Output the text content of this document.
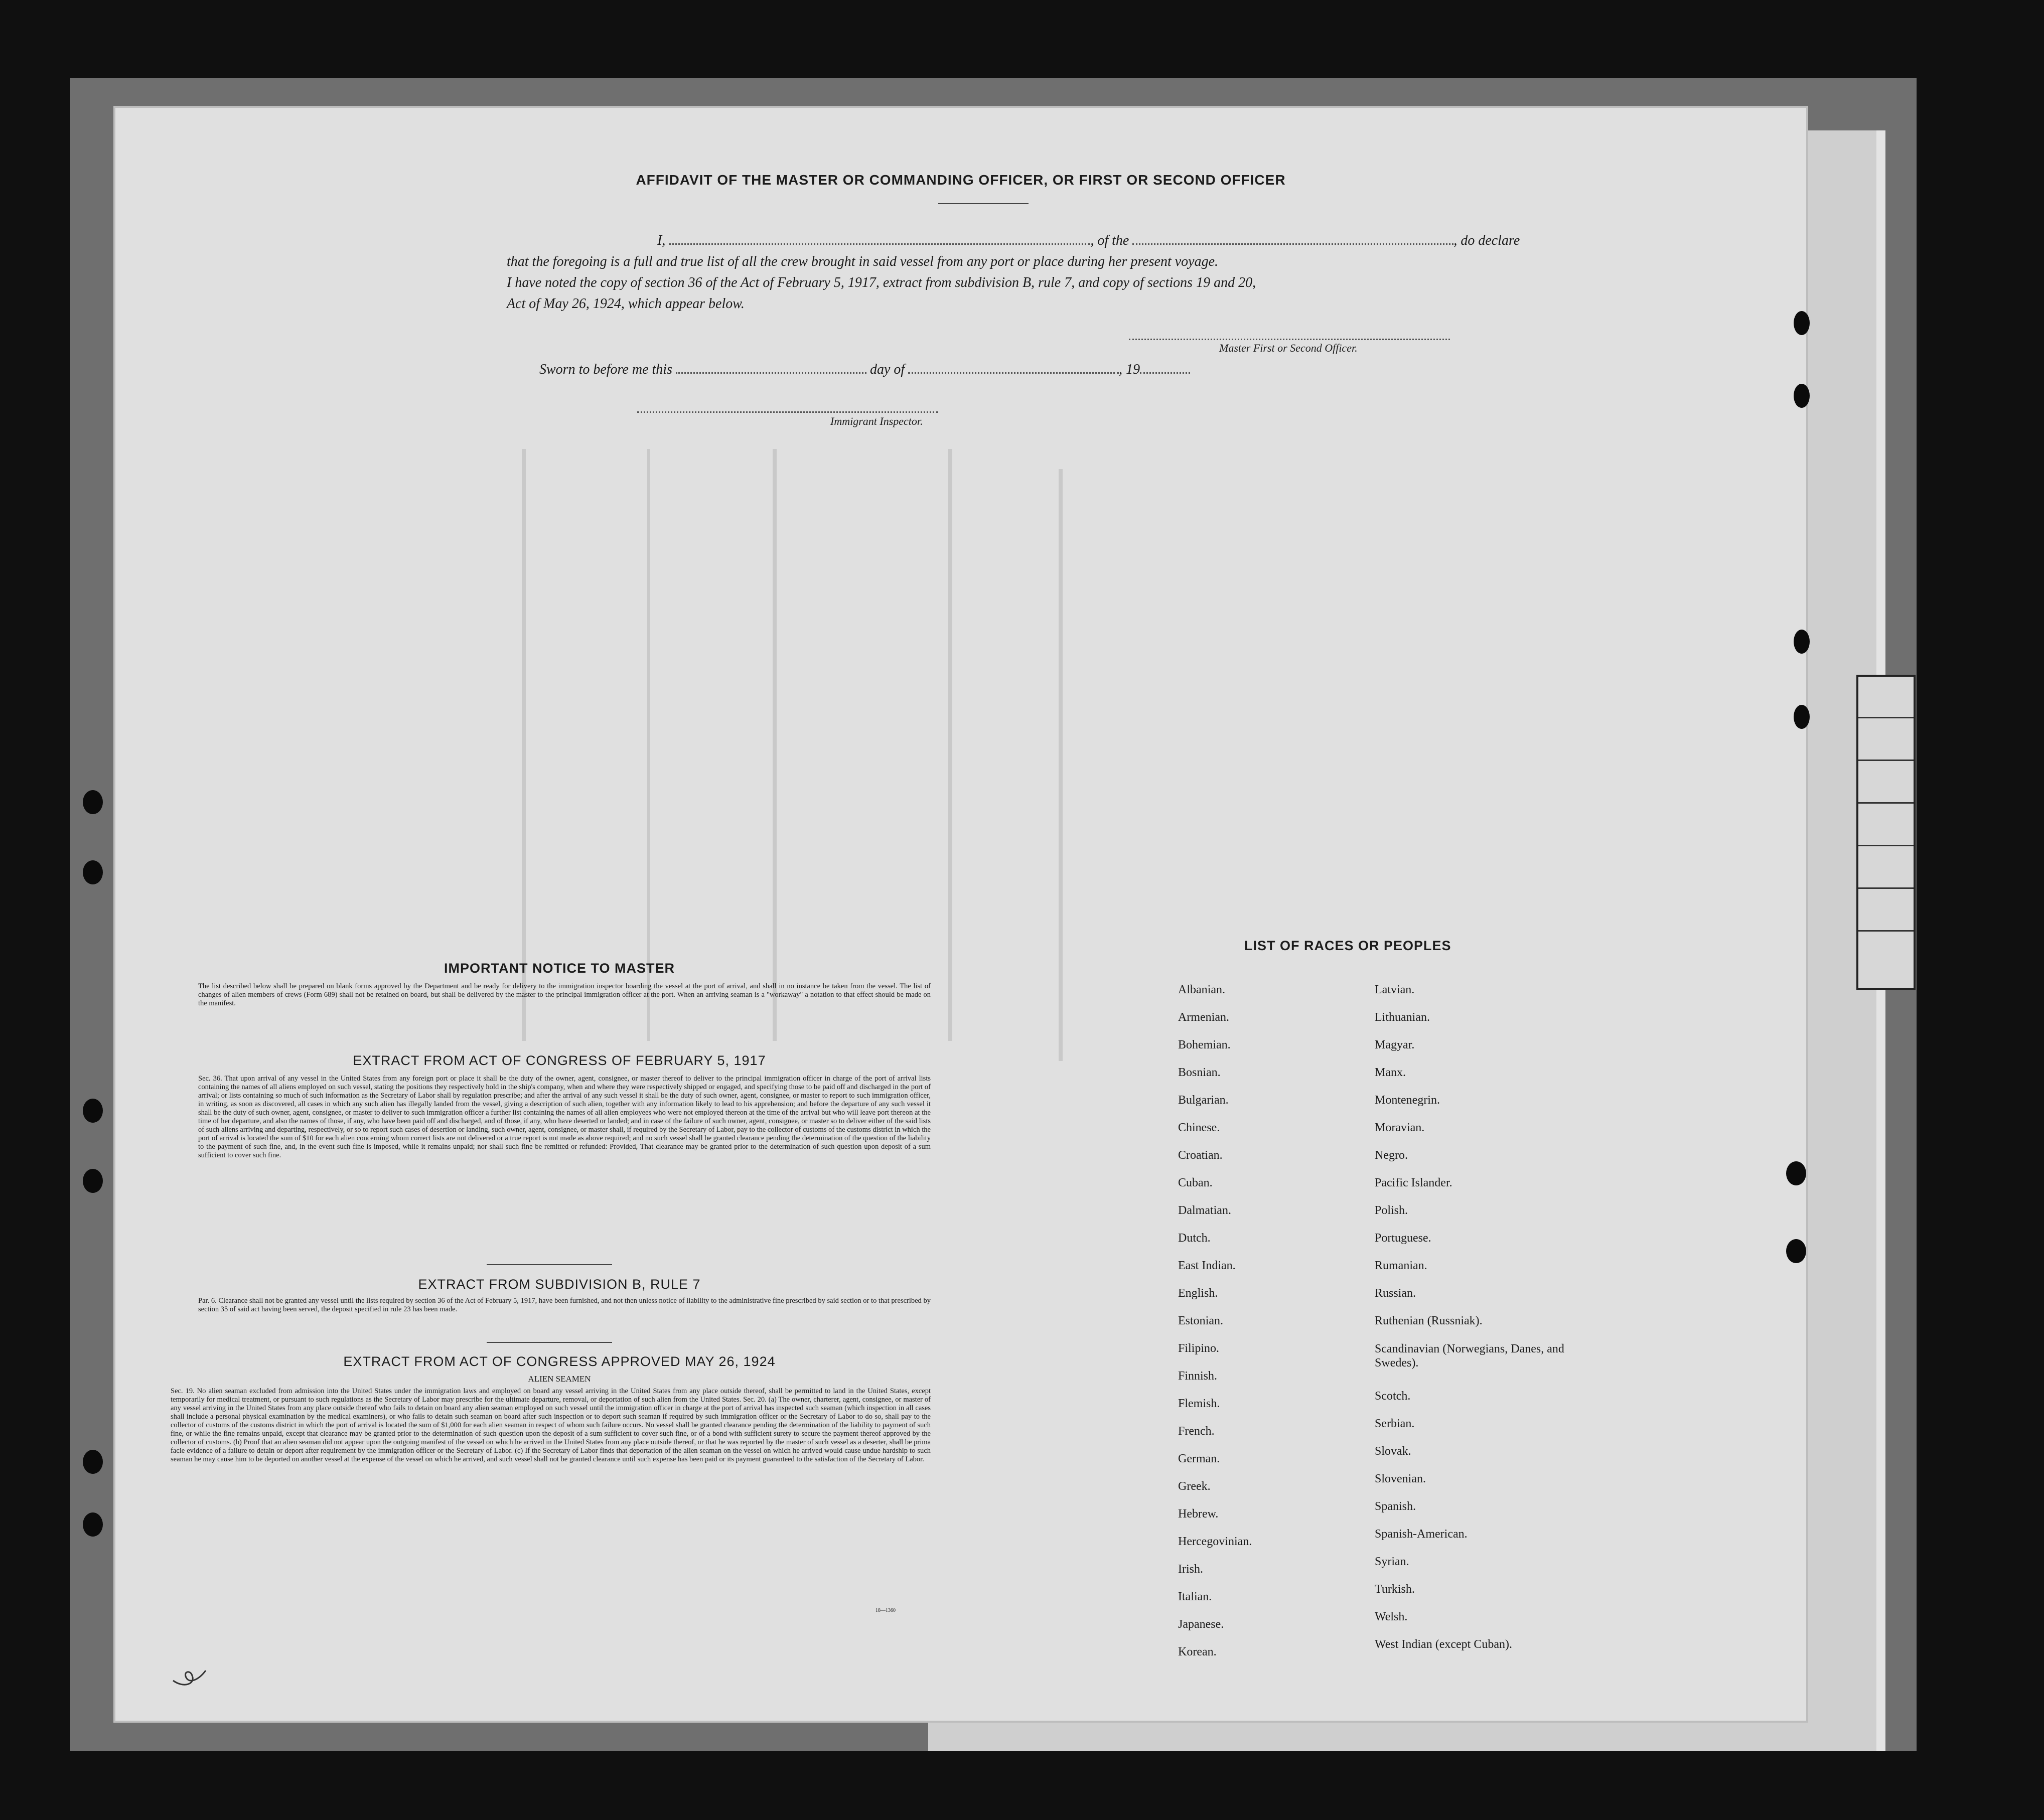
AFFIDAVIT OF THE MASTER OR COMMANDING OFFICER, OR FIRST OR SECOND OFFICER
I,	, of the	, do declare
that the foregoing is a full and true list of all the crew brought in said vessel from any port or place during her present voyage.
I have noted the copy of section 36 of the Act of February 5, 1917, extract from subdivision B, rule 7, and copy of sections 19 and 20,
Act of May 26, 1924, which appear below.
Master First or Second Officer.
Sworn to before me this	day of	, 19
Immigrant Inspector.
IMPORTANT NOTICE TO MASTER
The list described below shall be prepared on blank forms approved by the Department and be ready for delivery to the immigration inspector boarding the vessel at the port of arrival, and shall in no instance be taken from the vessel. The list of changes of alien members of crews (Form 689) shall not be retained on board, but shall be delivered by the master to the principal immigration officer at the port. When an arriving seaman is a "workaway" a notation to that effect should be made on the manifest.
EXTRACT FROM ACT OF CONGRESS OF FEBRUARY 5, 1917
Sec. 36. That upon arrival of any vessel in the United States from any foreign port or place it shall be the duty of the owner, agent, consignee, or master thereof to deliver to the principal immigration officer in charge of the port of arrival lists containing the names of all aliens employed on such vessel, stating the positions they respectively hold in the ship's company, when and where they were respectively shipped or engaged, and specifying those to be paid off and discharged in the port of arrival; or lists containing so much of such information as the Secretary of Labor shall by regulation prescribe; and after the arrival of any such vessel it shall be the duty of such owner, agent, consignee, or master to report to such immigration officer, in writing, as soon as discovered, all cases in which any such alien has illegally landed from the vessel, giving a description of such alien, together with any information likely to lead to his apprehension; and before the departure of any such vessel it shall be the duty of such owner, agent, consignee, or master to deliver to such immigration officer a further list containing the names of all alien employees who were not employed thereon at the time of the arrival but who will leave port thereon at the time of her departure, and also the names of those, if any, who have been paid off and discharged, and of those, if any, who have deserted or landed; and in case of the failure of such owner, agent, consignee, or master so to deliver either of the said lists of such aliens arriving and departing, respectively, or so to report such cases of desertion or landing, such owner, agent, consignee, or master shall, if required by the Secretary of Labor, pay to the collector of customs of the customs district in which the port of arrival is located the sum of $10 for each alien concerning whom correct lists are not delivered or a true report is not made as above required; and no such vessel shall be granted clearance pending the determination of the question of the liability to the payment of such fine, and, in the event such fine is imposed, while it remains unpaid; nor shall such fine be remitted or refunded: Provided, That clearance may be granted prior to the determination of such question upon deposit of a sum sufficient to cover such fine.
EXTRACT FROM SUBDIVISION B, RULE 7
Par. 6. Clearance shall not be granted any vessel until the lists required by section 36 of the Act of February 5, 1917, have been furnished, and not then unless notice of liability to the administrative fine prescribed by said section or to that prescribed by section 35 of said act having been served, the deposit specified in rule 23 has been made.
EXTRACT FROM ACT OF CONGRESS APPROVED MAY 26, 1924
ALIEN SEAMEN
Sec. 19. No alien seaman excluded from admission into the United States under the immigration laws and employed on board any vessel arriving in the United States from any place outside thereof, shall be permitted to land in the United States, except temporarily for medical treatment, or pursuant to such regulations as the Secretary of Labor may prescribe for the ultimate departure, removal, or deportation of such alien from the United States. Sec. 20. (a) The owner, charterer, agent, consignee, or master of any vessel arriving in the United States from any place outside thereof who fails to detain on board any alien seaman employed on such vessel until the immigration officer in charge at the port of arrival has inspected such seaman (which inspection in all cases shall include a personal physical examination by the medical examiners), or who fails to detain such seaman on board after such inspection or to deport such seaman if required by such immigration officer or the Secretary of Labor to do so, shall pay to the collector of customs of the customs district in which the port of arrival is located the sum of $1,000 for each alien seaman in respect of whom such failure occurs. No vessel shall be granted clearance pending the determination of the liability to payment of such fine, or while the fine remains unpaid, except that clearance may be granted prior to the determination of such question upon the deposit of a sum sufficient to cover such fine, or of a bond with sufficient surety to secure the payment thereof approved by the collector of customs. (b) Proof that an alien seaman did not appear upon the outgoing manifest of the vessel on which he arrived in the United States from any place outside thereof, or that he was reported by the master of such vessel as a deserter, shall be prima facie evidence of a failure to detain or deport after requirement by the immigration officer or the Secretary of Labor. (c) If the Secretary of Labor finds that deportation of the alien seaman on the vessel on which he arrived would cause undue hardship to such seaman he may cause him to be deported on another vessel at the expense of the vessel on which he arrived, and such vessel shall not be granted clearance until such expense has been paid or its payment guaranteed to the satisfaction of the Secretary of Labor.
18—1360
LIST OF RACES OR PEOPLES
Albanian.
Armenian.
Bohemian.
Bosnian.
Bulgarian.
Chinese.
Croatian.
Cuban.
Dalmatian.
Dutch.
East Indian.
English.
Estonian.
Filipino.
Finnish.
Flemish.
French.
German.
Greek.
Hebrew.
Hercegovinian.
Irish.
Italian.
Japanese.
Korean.
Latvian.
Lithuanian.
Magyar.
Manx.
Montenegrin.
Moravian.
Negro.
Pacific Islander.
Polish.
Portuguese.
Rumanian.
Russian.
Ruthenian (Russniak).
Scandinavian (Norwegians, Danes, and Swedes).
Scotch.
Serbian.
Slovak.
Slovenian.
Spanish.
Spanish-American.
Syrian.
Turkish.
Welsh.
West Indian (except Cuban).
